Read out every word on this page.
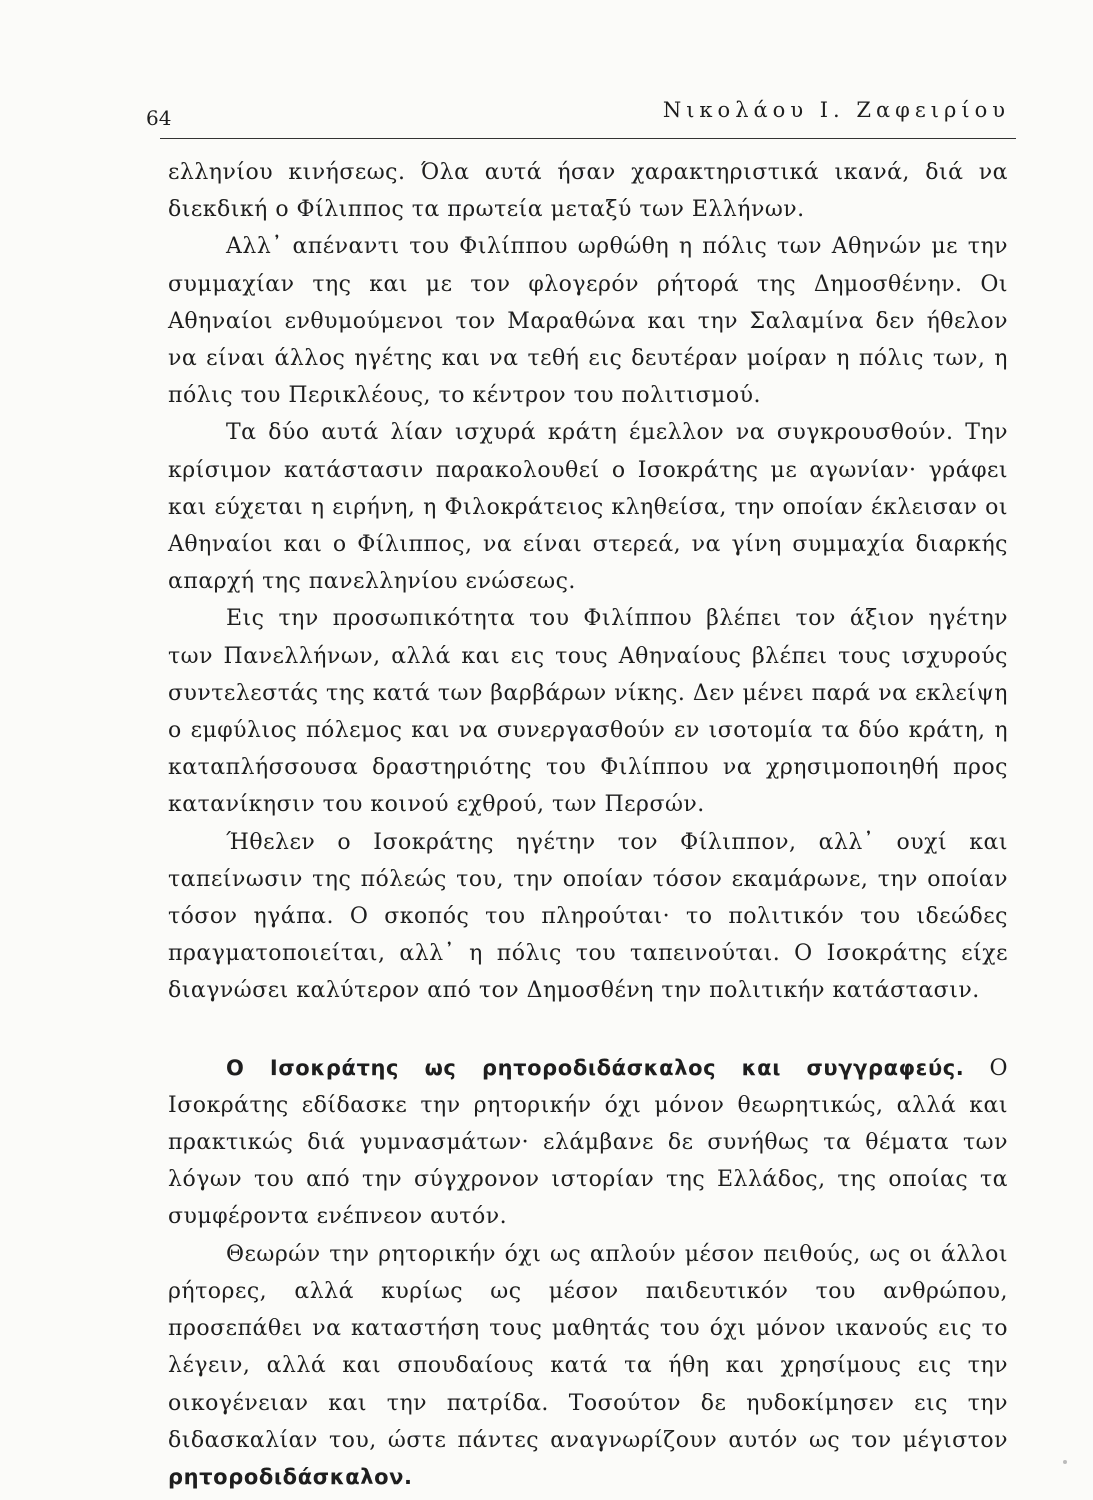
64	Νικολάου Ι. Ζαφειρίου

ελληνίου κινήσεως. Όλα αυτά ήσαν χαρακτηριστικά ικανά, διά να διεκδική ο Φίλιππος τα πρωτεία μεταξύ των Ελλήνων.

Αλλ᾽ απέναντι του Φιλίππου ωρθώθη η πόλις των Αθηνών με την συμμαχίαν της και με τον φλογερόν ρήτορά της Δημοσθένην. Οι Αθηναίοι ενθυμούμενοι τον Μαραθώνα και την Σαλαμίνα δεν ήθελον να είναι άλλος ηγέτης και να τεθή εις δευτέραν μοίραν η πόλις των, η πόλις του Περικλέους, το κέντρον του πολιτισμού.

Τα δύο αυτά λίαν ισχυρά κράτη έμελλον να συγκρουσθούν. Την κρίσιμον κατάστασιν παρακολουθεί ο Ισοκράτης με αγωνίαν· γράφει και εύχεται η ειρήνη, η Φιλοκράτειος κληθείσα, την οποίαν έκλεισαν οι Αθηναίοι και ο Φίλιππος, να είναι στερεά, να γίνη συμμαχία διαρκής απαρχή της πανελληνίου ενώσεως.

Εις την προσωπικότητα του Φιλίππου βλέπει τον άξιον ηγέτην των Πανελλήνων, αλλά και εις τους Αθηναίους βλέπει τους ισχυρούς συντελεστάς της κατά των βαρβάρων νίκης. Δεν μένει παρά να εκλείψη ο εμφύλιος πόλεμος και να συνεργασθούν εν ισοτομία τα δύο κράτη, η καταπλήσσουσα δραστηριότης του Φιλίππου να χρησιμοποιηθή προς κατανίκησιν του κοινού εχθρού, των Περσών.

Ήθελεν ο Ισοκράτης ηγέτην τον Φίλιππον, αλλ᾽ ουχί και ταπείνωσιν της πόλεώς του, την οποίαν τόσον εκαμάρωνε, την οποίαν τόσον ηγάπα. Ο σκοπός του πληρούται· το πολιτικόν του ιδεώδες πραγματοποιείται, αλλ᾽ η πόλις του ταπεινούται. Ο Ισοκράτης είχε διαγνώσει καλύτερον από τον Δημοσθένη την πολιτικήν κατάστασιν.

Ο Ισοκράτης ως ρητοροδιδάσκαλος και συγγραφεύς. Ο Ισοκράτης εδίδασκε την ρητορικήν όχι μόνον θεωρητικώς, αλλά και πρακτικώς διά γυμνασμάτων· ελάμβανε δε συνήθως τα θέματα των λόγων του από την σύγχρονον ιστορίαν της Ελλάδος, της οποίας τα συμφέροντα ενέπνεον αυτόν.

Θεωρών την ρητορικήν όχι ως απλούν μέσον πειθούς, ως οι άλλοι ρήτορες, αλλά κυρίως ως μέσον παιδευτικόν του ανθρώπου, προσεπάθει να καταστήση τους μαθητάς του όχι μόνον ικανούς εις το λέγειν, αλλά και σπουδαίους κατά τα ήθη και χρησίμους εις την οικογένειαν και την πατρίδα. Τοσούτον δε ηυδοκίμησεν εις την διδασκαλίαν του, ώστε πάντες αναγνωρίζουν αυτόν ως τον μέγιστον ρητοροδιδάσκαλον.
